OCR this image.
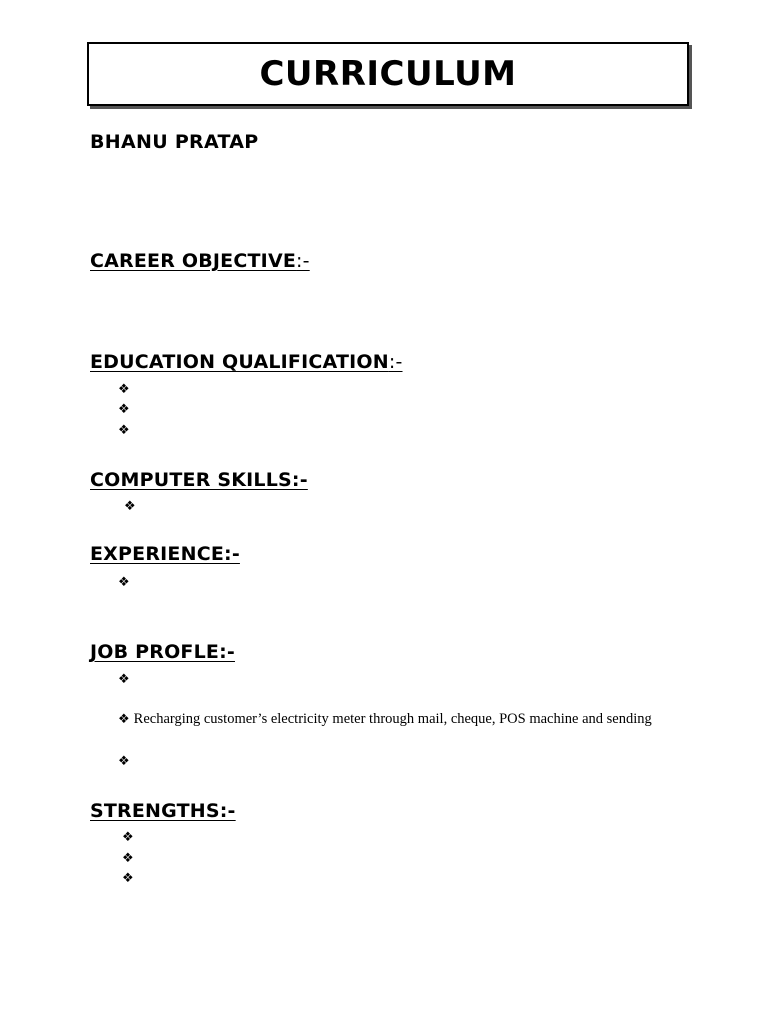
CURRICULUM
BHANU PRATAP
CAREER OBJECTIVE:-
EDUCATION QUALIFICATION:-
❖
❖
❖
COMPUTER SKILLS:-
❖
EXPERIENCE:-
❖
JOB PROFLE:-
❖
❖ Recharging customer’s electricity meter through mail, cheque, POS machine and sending
❖
STRENGTHS:-
❖
❖
❖
